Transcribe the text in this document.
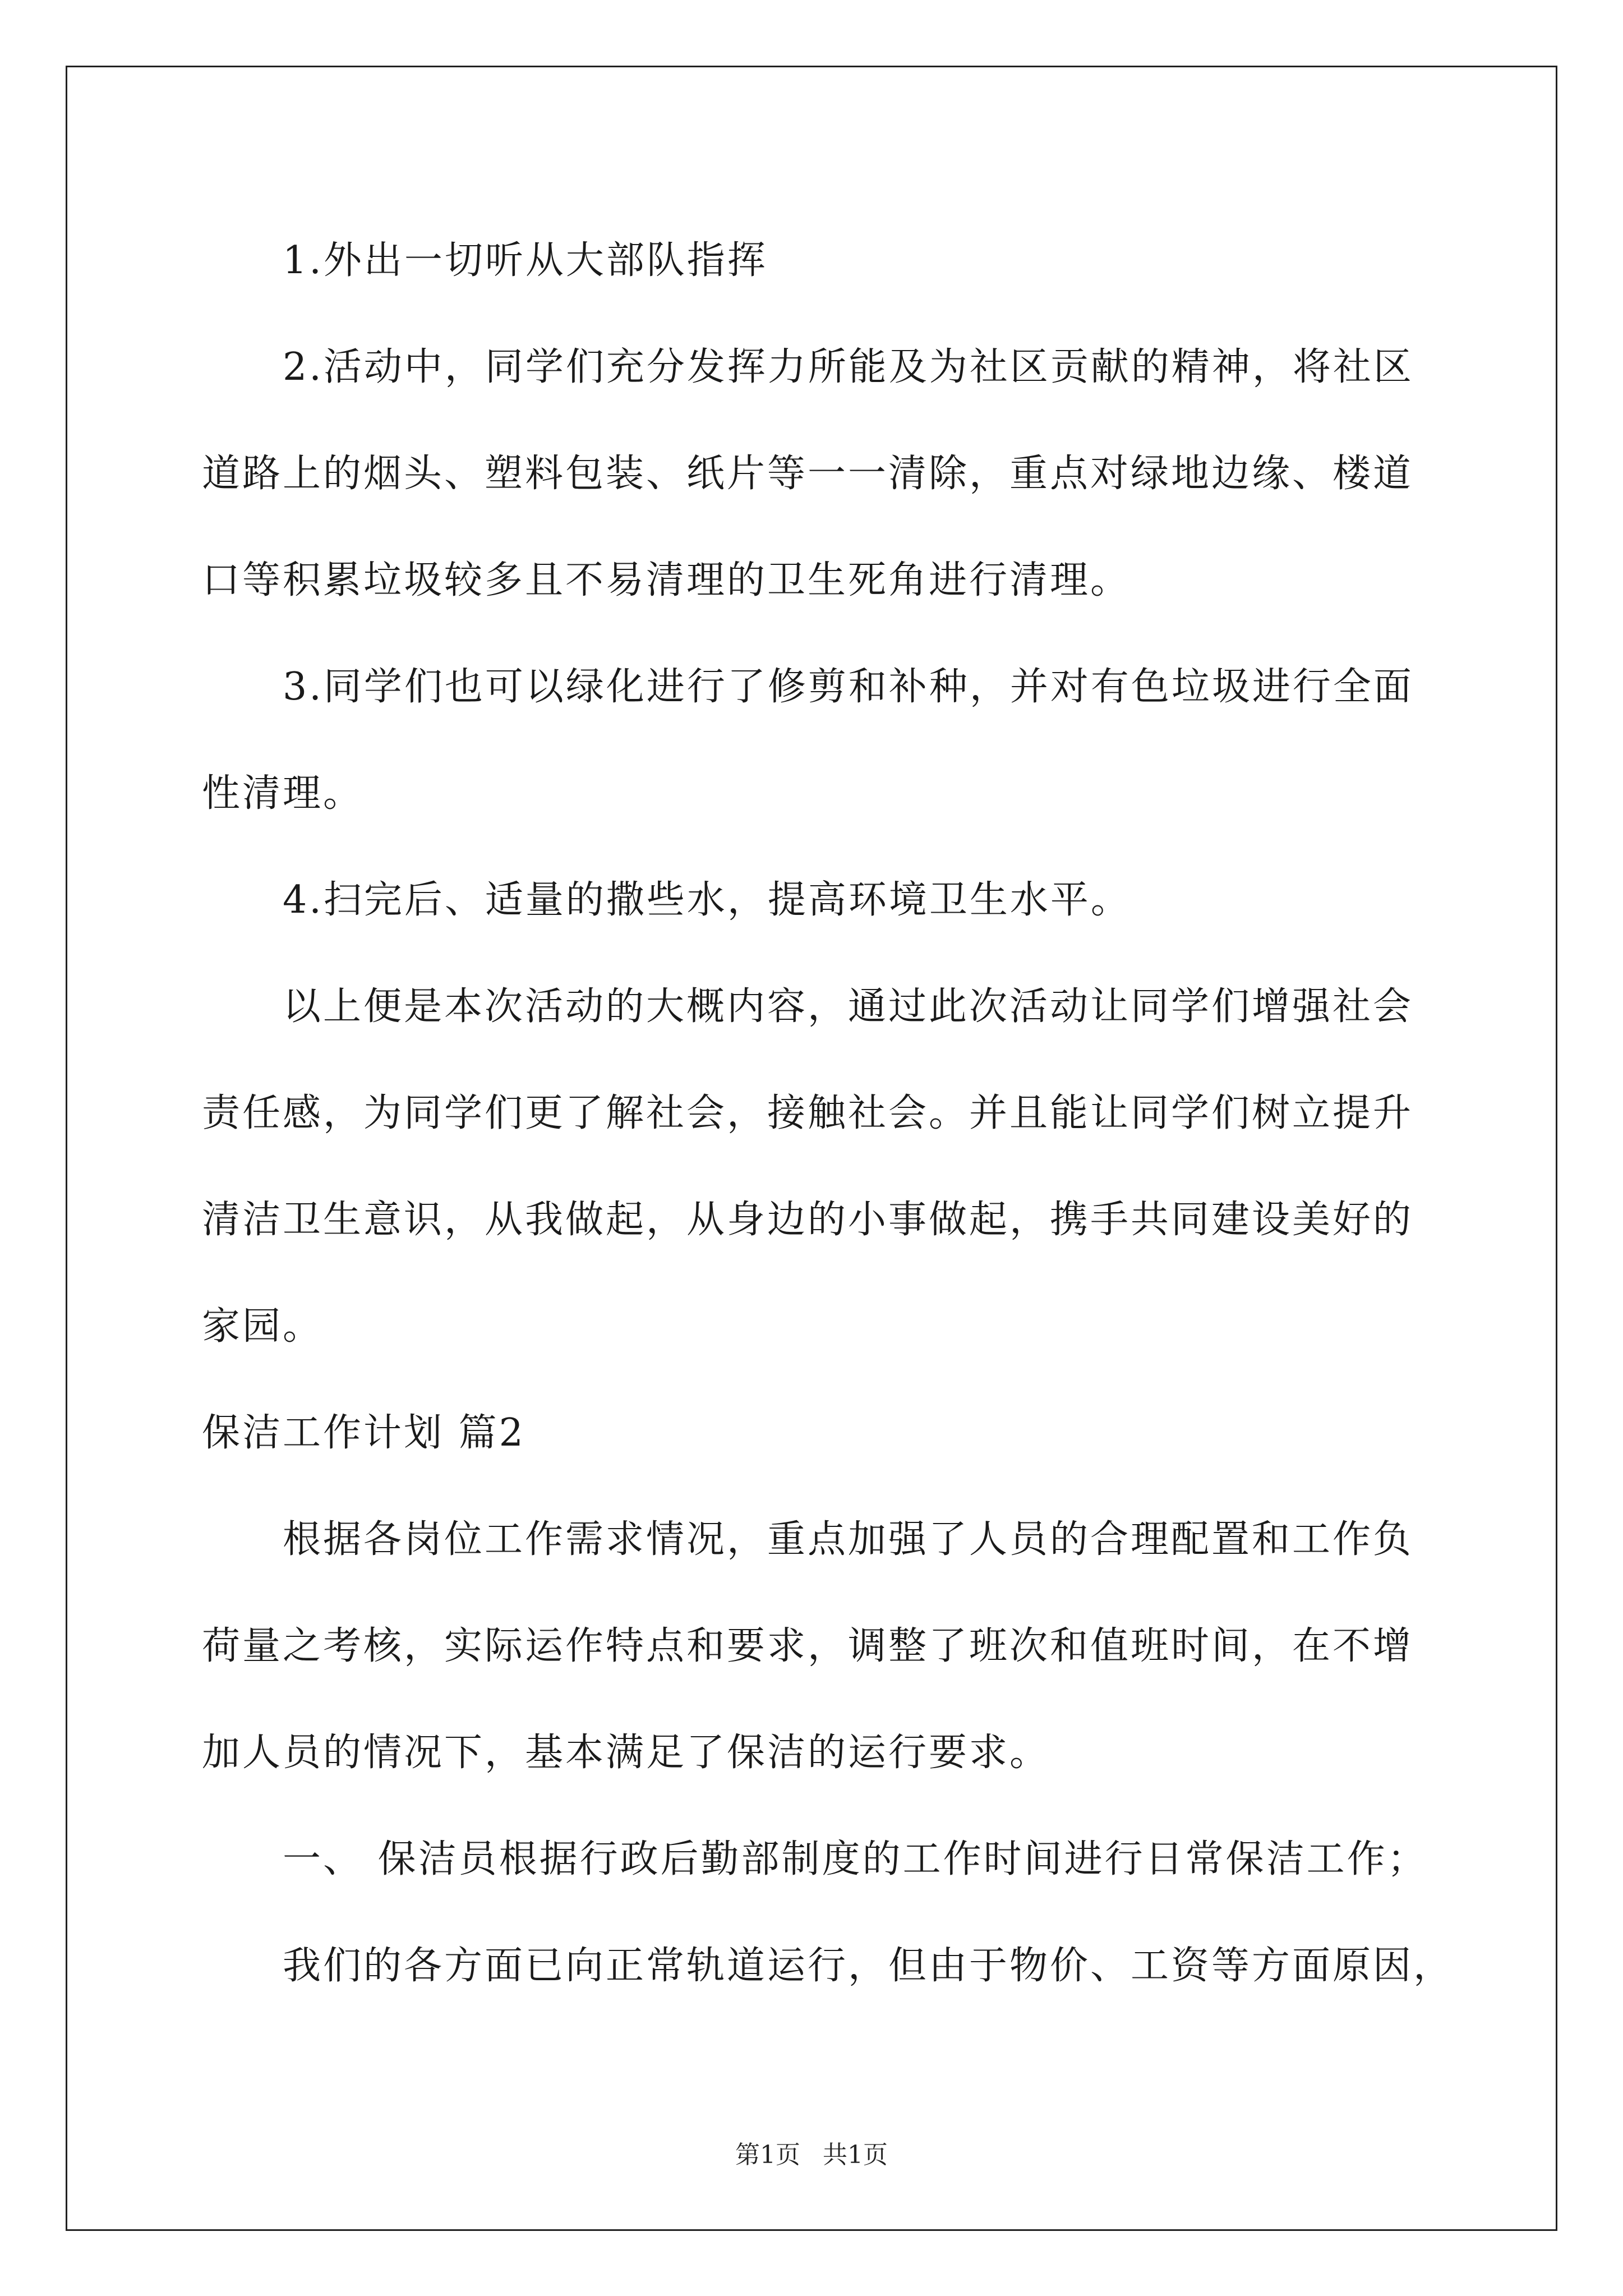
1.外出一切听从大部队指挥
2.活动中，同学们充分发挥力所能及为社区贡献的精神，将社区
道路上的烟头、塑料包装、纸片等一一清除，重点对绿地边缘、楼道
口等积累垃圾较多且不易清理的卫生死角进行清理。
3.同学们也可以绿化进行了修剪和补种，并对有色垃圾进行全面
性清理。
4.扫完后、适量的撒些水，提高环境卫生水平。
以上便是本次活动的大概内容，通过此次活动让同学们增强社会
责任感，为同学们更了解社会，接触社会。并且能让同学们树立提升
清洁卫生意识，从我做起，从身边的小事做起，携手共同建设美好的
家园。
保洁工作计划 篇2
根据各岗位工作需求情况，重点加强了人员的合理配置和工作负
荷量之考核，实际运作特点和要求，调整了班次和值班时间，在不增
加人员的情况下，基本满足了保洁的运行要求。
一、 保洁员根据行政后勤部制度的工作时间进行日常保洁工作；
我们的各方面已向正常轨道运行，但由于物价、工资等方面原因，
第1页 共1页
